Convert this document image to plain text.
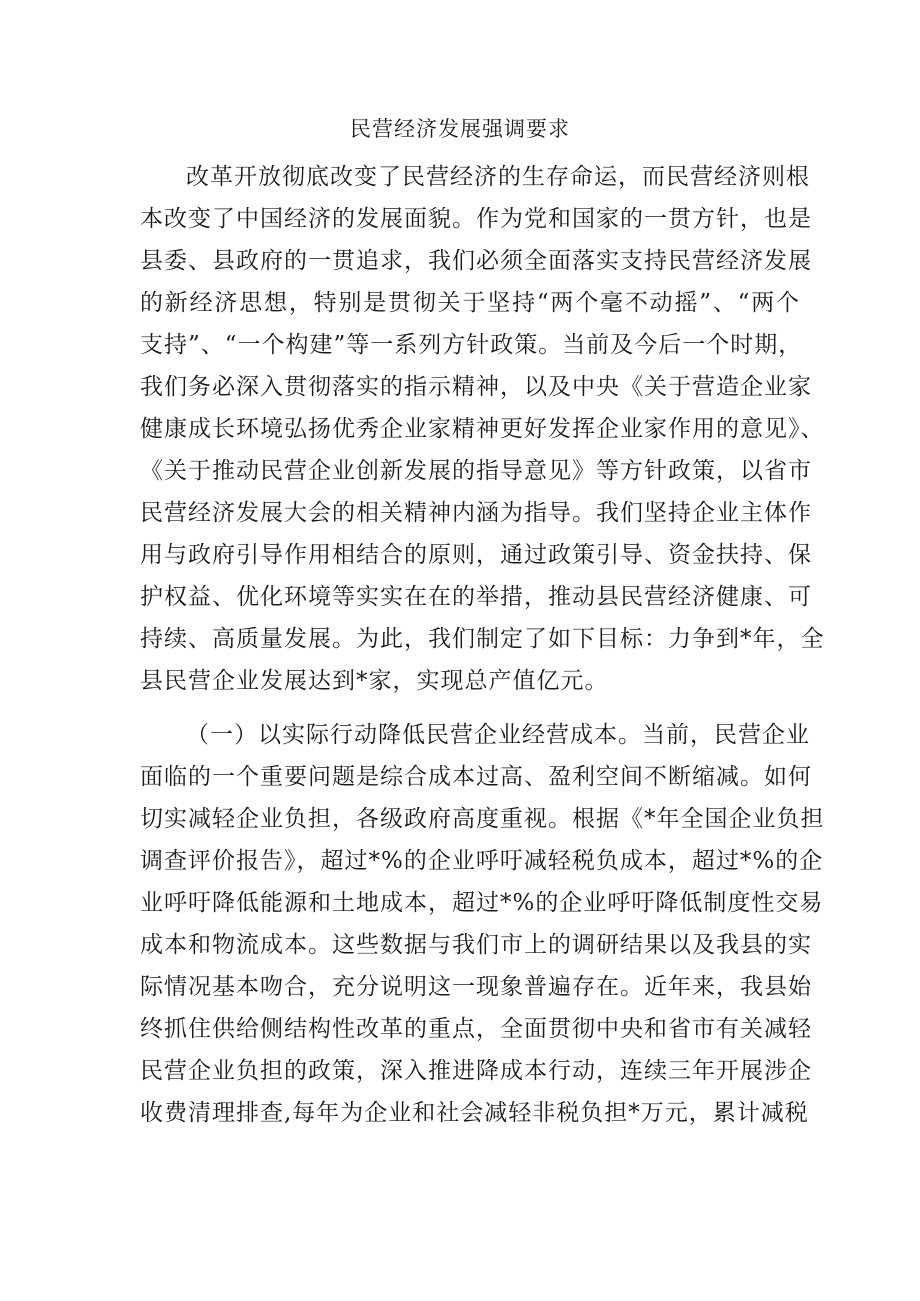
民营经济发展强调要求
改革开放彻底改变了民营经济的生存命运，而民营经济则根
本改变了中国经济的发展面貌。作为党和国家的一贯方针，也是
县委、县政府的一贯追求，我们必须全面落实支持民营经济发展
的新经济思想，特别是贯彻关于坚持“两个毫不动摇”、“两个
支持”、“一个构建”等一系列方针政策。当前及今后一个时期，
我们务必深入贯彻落实的指示精神，以及中央《关于营造企业家
健康成长环境弘扬优秀企业家精神更好发挥企业家作用的意见》、
《关于推动民营企业创新发展的指导意见》等方针政策，以省市
民营经济发展大会的相关精神内涵为指导。我们坚持企业主体作
用与政府引导作用相结合的原则，通过政策引导、资金扶持、保
护权益、优化环境等实实在在的举措，推动县民营经济健康、可
持续、高质量发展。为此，我们制定了如下目标：力争到*年，全
县民营企业发展达到*家，实现总产值亿元。
（一）以实际行动降低民营企业经营成本。当前，民营企业
面临的一个重要问题是综合成本过高、盈利空间不断缩减。如何
切实减轻企业负担，各级政府高度重视。根据《*年全国企业负担
调查评价报告》，超过*%的企业呼吁减轻税负成本，超过*%的企
业呼吁降低能源和土地成本，超过*%的企业呼吁降低制度性交易
成本和物流成本。这些数据与我们市上的调研结果以及我县的实
际情况基本吻合，充分说明这一现象普遍存在。近年来，我县始
终抓住供给侧结构性改革的重点，全面贯彻中央和省市有关减轻
民营企业负担的政策，深入推进降成本行动，连续三年开展涉企
收费清理排查,每年为企业和社会减轻非税负担*万元，累计减税
